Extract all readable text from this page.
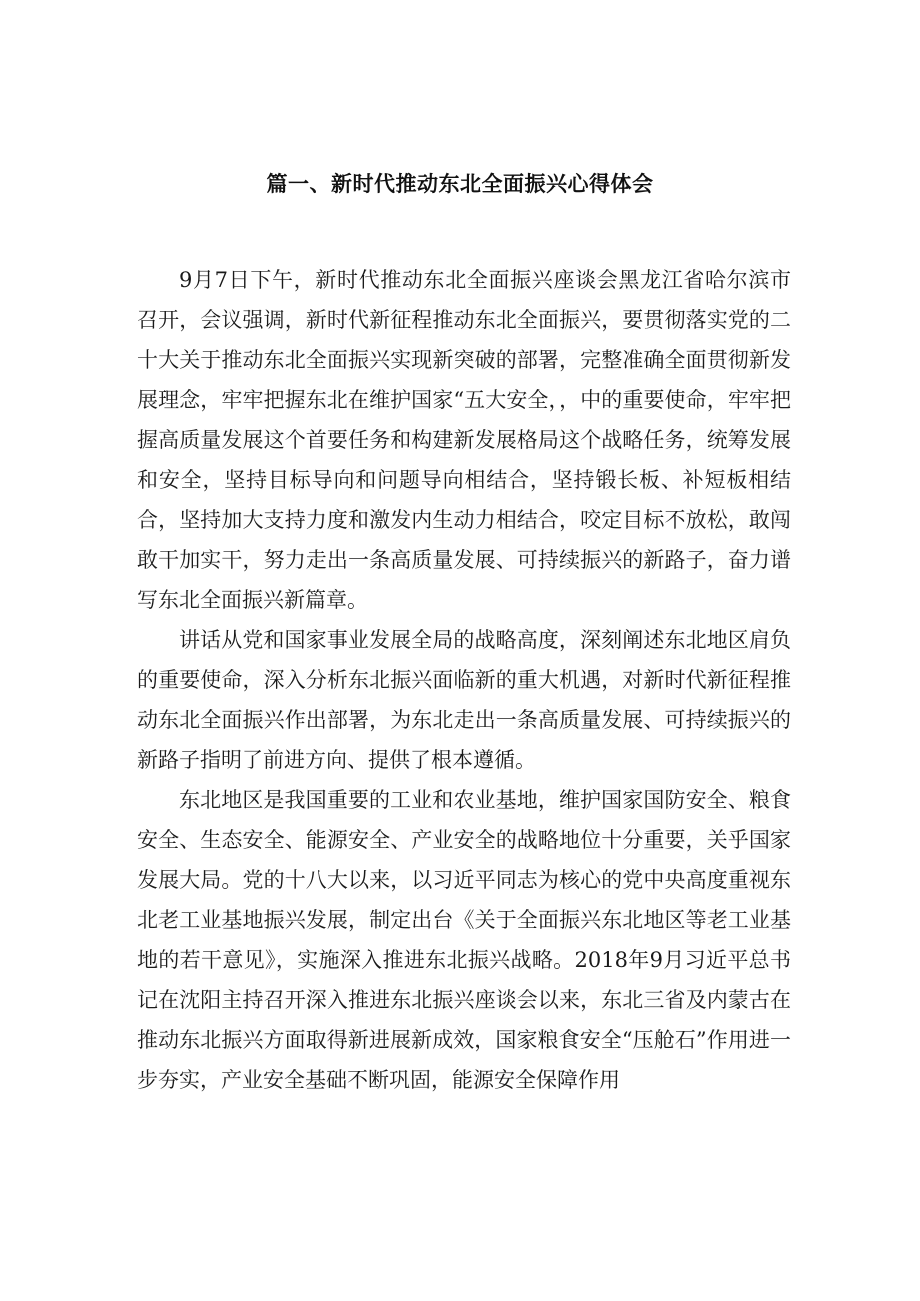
篇一、新时代推动东北全面振兴心得体会

9月7日下午，新时代推动东北全面振兴座谈会黑龙江省哈尔滨市召开，会议强调，新时代新征程推动东北全面振兴，要贯彻落实党的二十大关于推动东北全面振兴实现新突破的部署，完整准确全面贯彻新发展理念，牢牢把握东北在维护国家“五大安全，，中的重要使命，牢牢把握高质量发展这个首要任务和构建新发展格局这个战略任务，统筹发展和安全，坚持目标导向和问题导向相结合，坚持锻长板、补短板相结合，坚持加大支持力度和激发内生动力相结合，咬定目标不放松，敢闯敢干加实干，努力走出一条高质量发展、可持续振兴的新路子，奋力谱写东北全面振兴新篇章。

讲话从党和国家事业发展全局的战略高度，深刻阐述东北地区肩负的重要使命，深入分析东北振兴面临新的重大机遇，对新时代新征程推动东北全面振兴作出部署，为东北走出一条高质量发展、可持续振兴的新路子指明了前进方向、提供了根本遵循。

东北地区是我国重要的工业和农业基地，维护国家国防安全、粮食安全、生态安全、能源安全、产业安全的战略地位十分重要，关乎国家发展大局。党的十八大以来，以习近平同志为核心的党中央高度重视东北老工业基地振兴发展，制定出台《关于全面振兴东北地区等老工业基地的若干意见》，实施深入推进东北振兴战略。2018年9月习近平总书记在沈阳主持召开深入推进东北振兴座谈会以来，东北三省及内蒙古在推动东北振兴方面取得新进展新成效，国家粮食安全“压舱石”作用进一步夯实，产业安全基础不断巩固，能源安全保障作用
